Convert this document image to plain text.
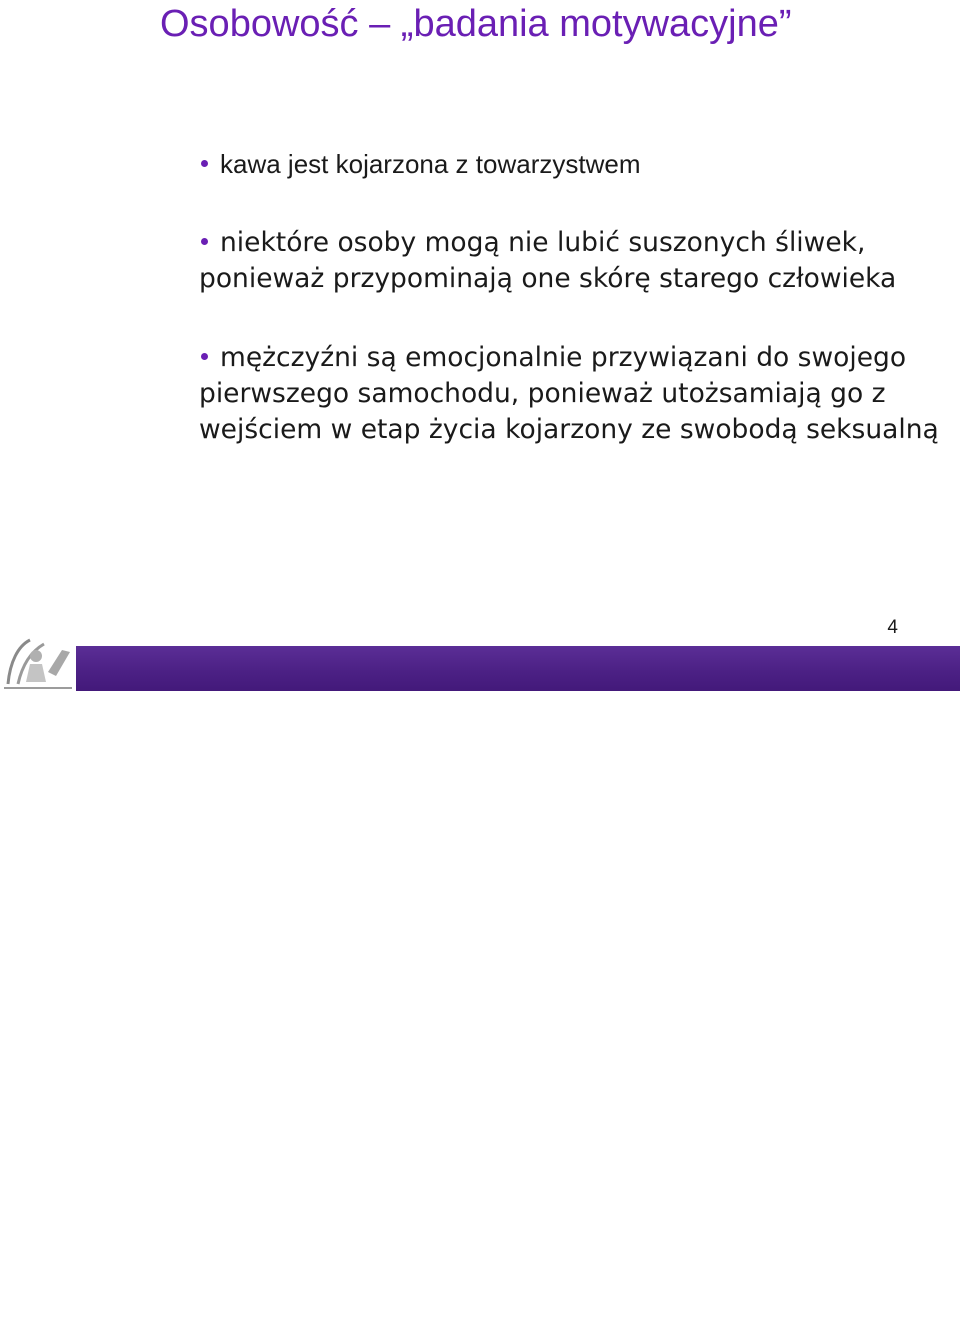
Osobowość – „badania motywacyjne”
kawa jest kojarzona z towarzystwem
niektóre osoby mogą nie lubić suszonych śliwek, ponieważ przypominają one skórę starego człowieka
mężczyźni są emocjonalnie przywiązani do swojego pierwszego samochodu, ponieważ utożsamiają go z wejściem w etap życia kojarzony ze swobodą seksualną
4
IX Ogólnopolski Kongres Badaczy Rynku i Opinii
